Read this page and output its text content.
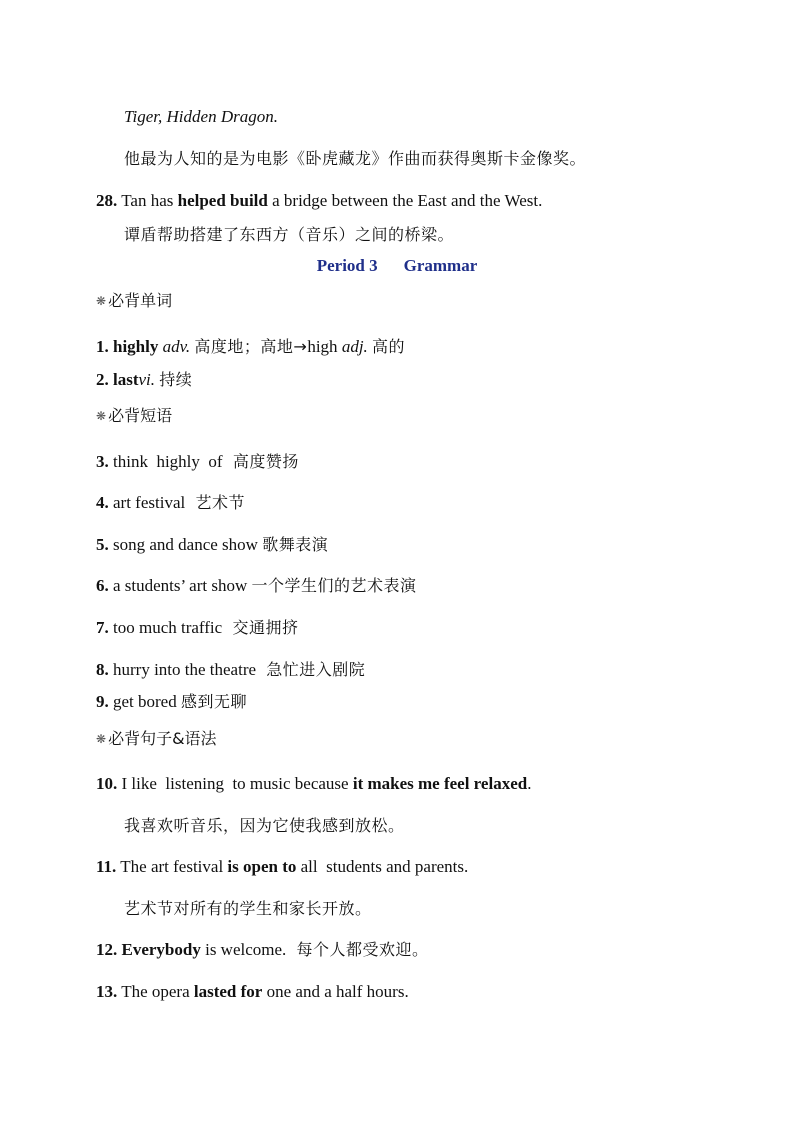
Tiger, Hidden Dragon.
他最为人知的是为电影《卧虎藏龙》作曲而获得奥斯卡金像奖。
28. Tan has helped build a bridge between the East and the West.
谭盾帮助搭建了东西方（音乐）之间的桥梁。
Period 3 Grammar
❋ 必背单词
1. highly adv. 高度地；高地→high adj. 高的
2. lastvi. 持续
❋ 必背短语
3. think  highly  of 高度赞扬
4. art festival 艺术节
5. song and dance show 歌舞表演
6. a students’ art show 一个学生们的艺术表演
7. too much traffic 交通拥挤
8. hurry into the theatre 急忙进入剧院
9. get bored 感到无聊
❋ 必背句子&语法
10. I like  listening  to music because it makes me feel relaxed.
我喜欢听音乐，因为它使我感到放松。
11. The art festival is open to all  students and parents.
艺术节对所有的学生和家长开放。
12. Everybody is welcome. 每个人都受欢迎。
13. The opera lasted for one and a half hours.
